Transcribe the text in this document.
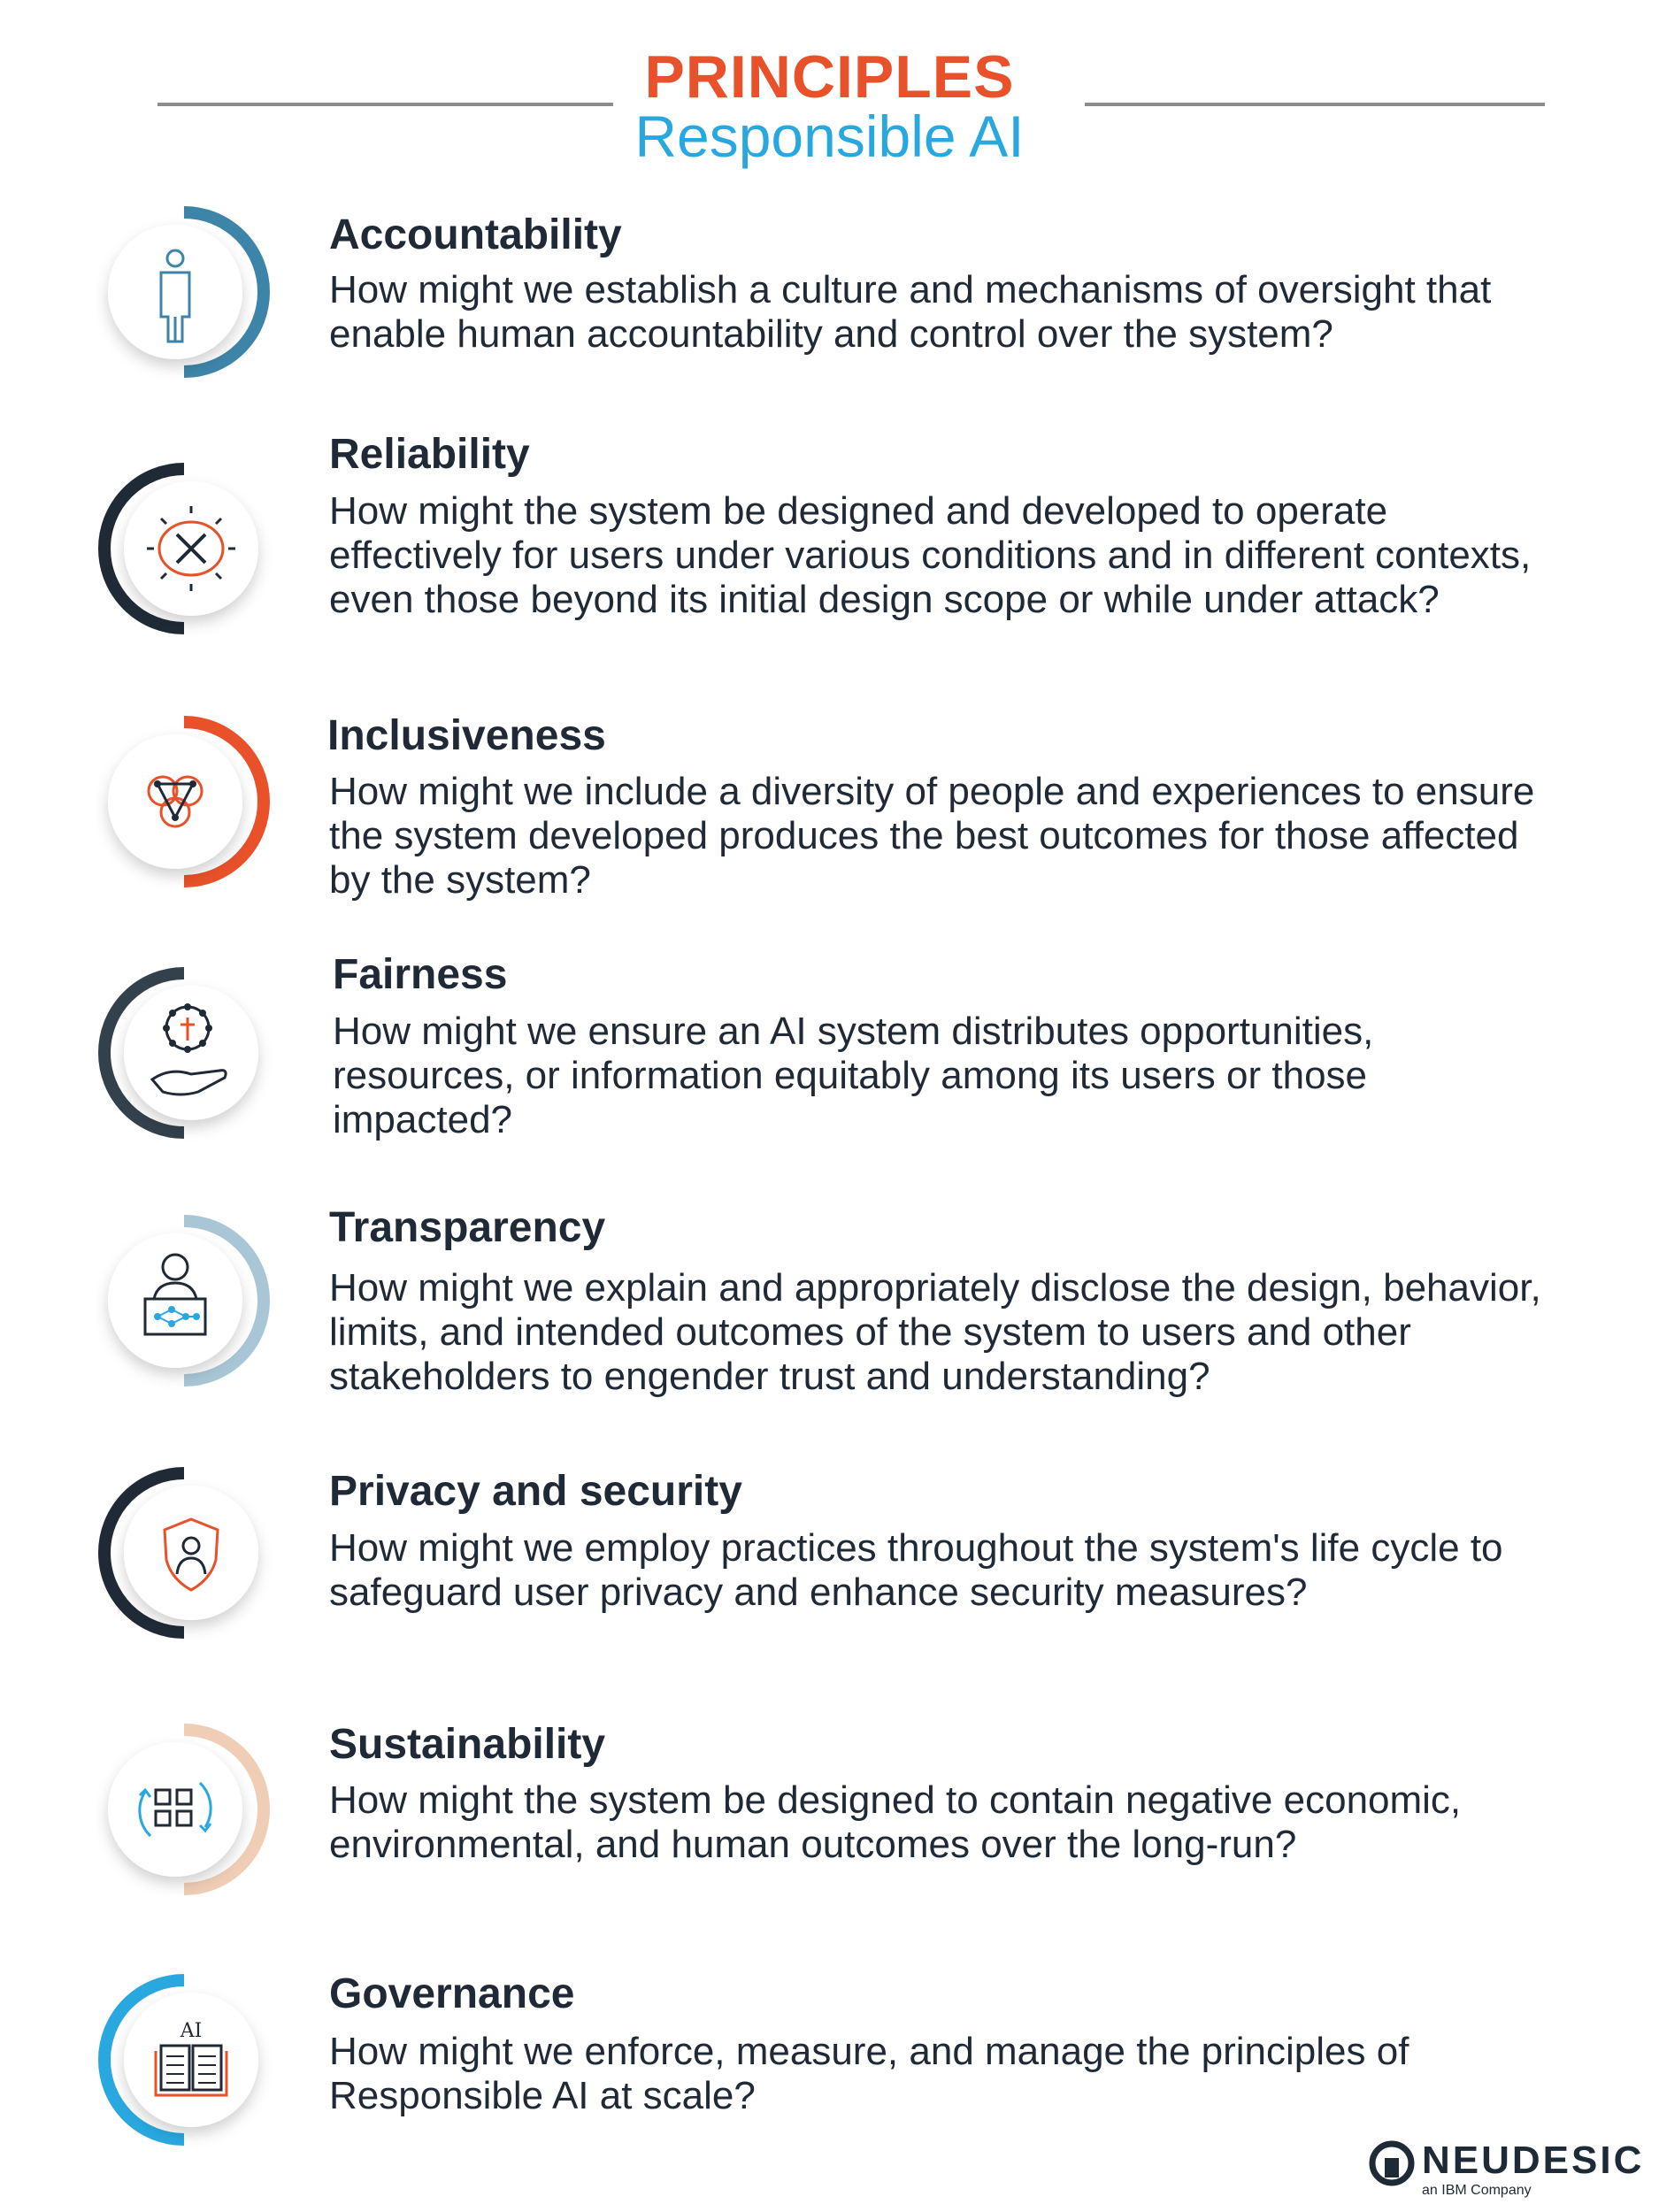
PRINCIPLES
Responsible AI
Accountability
How might we establish a culture and mechanisms of oversight that enable human accountability and control over the system?
Reliability
How might the system be designed and developed to operate effectively for users under various conditions and in different contexts, even those beyond its initial design scope or while under attack?
Inclusiveness
How might we include a diversity of people and experiences to ensure the system developed produces the best outcomes for those affected by the system?
Fairness
How might we ensure an AI system distributes opportunities, resources, or information equitably among its users or those impacted?
Transparency
How might we explain and appropriately disclose the design, behavior, limits, and intended outcomes of the system to users and other stakeholders to engender trust and understanding?
Privacy and security
How might we employ practices throughout the system's life cycle to safeguard user privacy and enhance security measures?
Sustainability
How might the system be designed to contain negative economic, environmental, and human outcomes over the long-run?
AI
Governance
How might we enforce, measure, and manage the principles of Responsible AI at scale?
NEUDESIC
an IBM Company
